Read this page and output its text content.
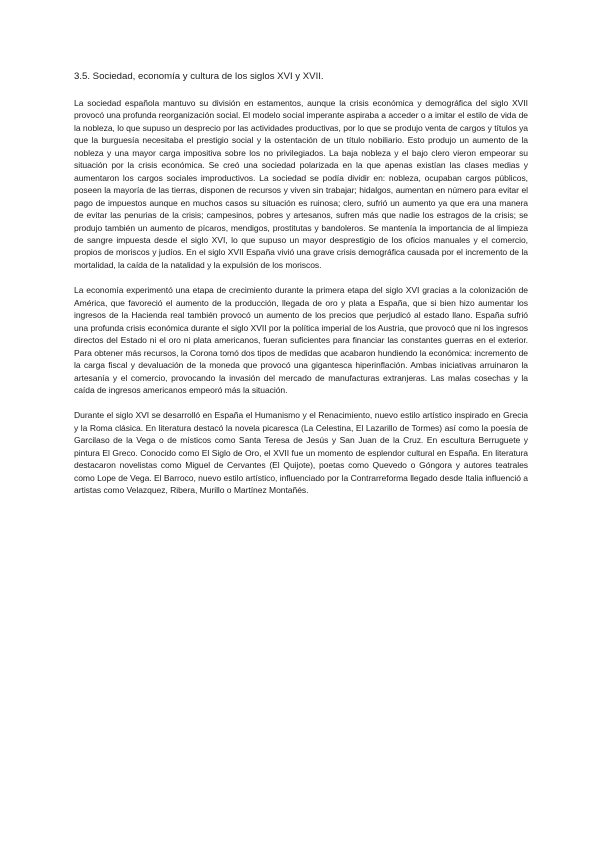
3.5. Sociedad, economía y cultura de los siglos XVI y XVII.

La sociedad española mantuvo su división en estamentos, aunque la crisis económica y demográfica del siglo XVII provocó una profunda reorganización social. El modelo social imperante aspiraba a acceder o a imitar el estilo de vida de la nobleza, lo que supuso un desprecio por las actividades productivas, por lo que se produjo venta de cargos y títulos ya que la burguesía necesitaba el prestigio social y la ostentación de un título nobiliario. Esto produjo un aumento de la nobleza y una mayor carga impositiva sobre los no privilegiados. La baja nobleza y el bajo clero vieron empeorar su situación por la crisis económica. Se creó una sociedad polarizada en la que apenas existían las clases medias y aumentaron los cargos sociales improductivos. La sociedad se podía dividir en: nobleza, ocupaban cargos públicos, poseen la mayoría de las tierras, disponen de recursos y viven sin trabajar; hidalgos, aumentan en número para evitar el pago de impuestos aunque en muchos casos su situación es ruinosa; clero, sufrió un aumento ya que era una manera de evitar las penurias de la crisis; campesinos, pobres y artesanos, sufren más que nadie los estragos de la crisis; se produjo también un aumento de pícaros, mendigos, prostitutas y bandoleros. Se mantenía la importancia de al limpieza de sangre impuesta desde el siglo XVI, lo que supuso un mayor desprestigio de los oficios manuales y el comercio, propios de moriscos y judíos. En el siglo XVII España vivió una grave crisis demográfica causada por el incremento de la mortalidad, la caída de la natalidad y la expulsión de los moriscos.

La economía experimentó una etapa de crecimiento durante la primera etapa del siglo XVI gracias a la colonización de América, que favoreció el aumento de la producción, llegada de oro y plata a España, que si bien hizo aumentar los ingresos de la Hacienda real también provocó un aumento de los precios que perjudicó al estado llano. España sufrió una profunda crisis económica durante el siglo XVII por la política imperial de los Austria, que provocó que ni los ingresos directos del Estado ni el oro ni plata americanos, fueran suficientes para financiar las constantes guerras en el exterior. Para obtener más recursos, la Corona tomó dos tipos de medidas que acabaron hundiendo la económica: incremento de la carga fiscal y devaluación de la moneda que provocó una gigantesca hiperinflación. Ambas iniciativas arruinaron la artesanía y el comercio, provocando la invasión del mercado de manufacturas extranjeras. Las malas cosechas y la caída de ingresos americanos empeoró más la situación.

Durante el siglo XVI se desarrolló en España el Humanismo y el Renacimiento, nuevo estilo artístico inspirado en Grecia y la Roma clásica. En literatura destacó la novela picaresca (La Celestina, El Lazarillo de Tormes) así como la poesía de Garcilaso de la Vega o de místicos como Santa Teresa de Jesús y San Juan de la Cruz. En escultura Berruguete y pintura El Greco. Conocido como El Siglo de Oro, el XVII fue un momento de esplendor cultural en España. En literatura destacaron novelistas como Miguel de Cervantes (El Quijote), poetas como Quevedo o Góngora y autores teatrales como Lope de Vega. El Barroco, nuevo estilo artístico, influenciado por la Contrarreforma llegado desde Italia influenció a artistas como Velazquez, Ribera, Murillo o Martínez Montañés.
